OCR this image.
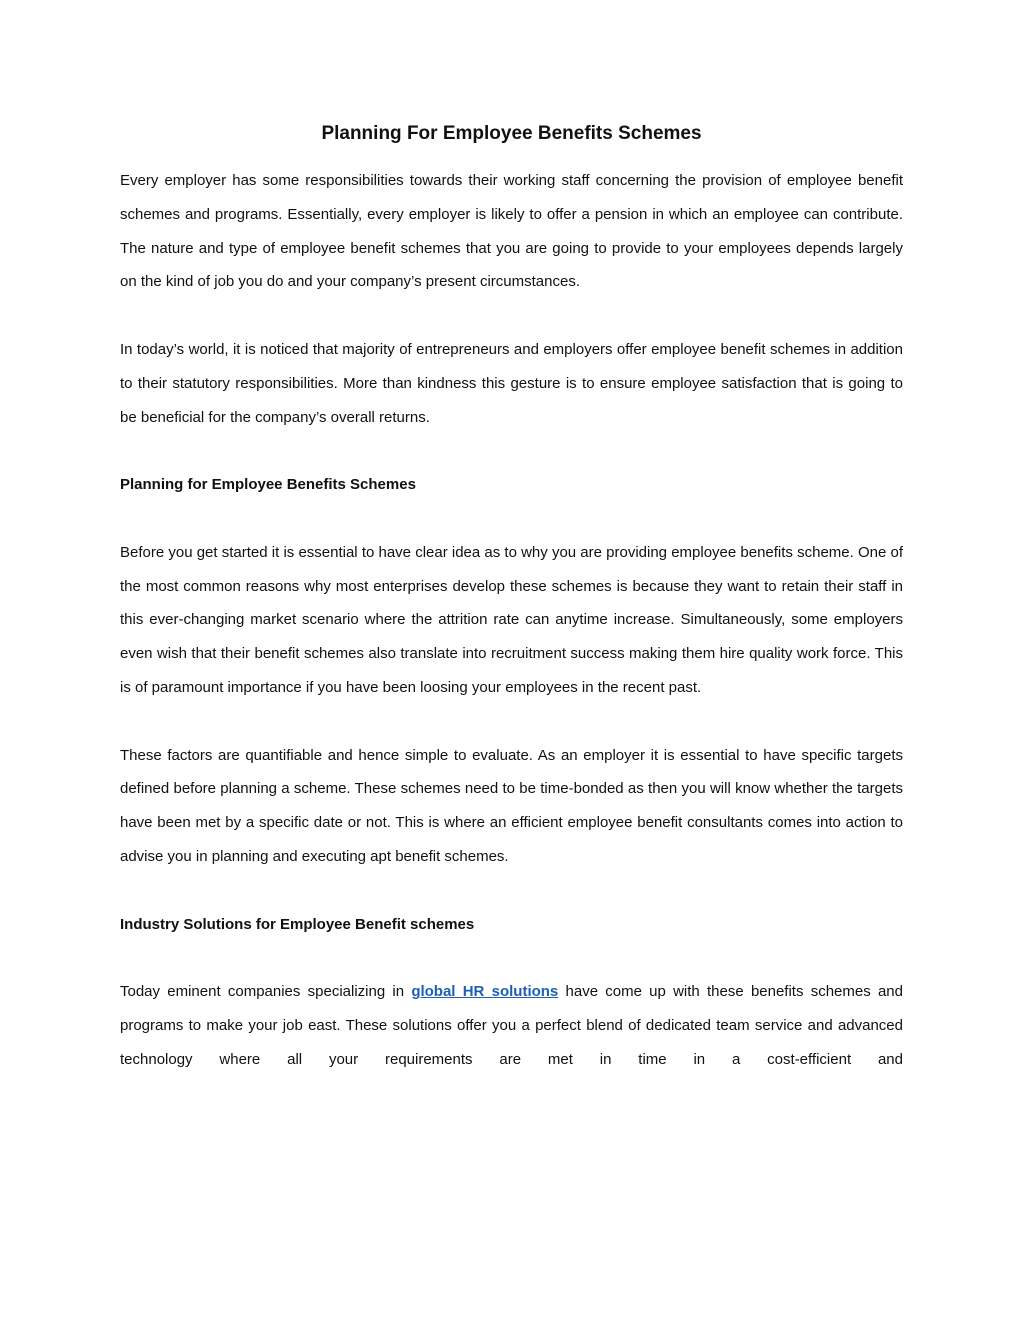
Planning For Employee Benefits Schemes

Every employer has some responsibilities towards their working staff concerning the provision of employee benefit schemes and programs. Essentially, every employer is likely to offer a pension in which an employee can contribute. The nature and type of employee benefit schemes that you are going to provide to your employees depends largely on the kind of job you do and your company’s present circumstances.

In today’s world, it is noticed that majority of entrepreneurs and employers offer employee benefit schemes in addition to their statutory responsibilities. More than kindness this gesture is to ensure employee satisfaction that is going to be beneficial for the company’s overall returns.

Planning for Employee Benefits Schemes

Before you get started it is essential to have clear idea as to why you are providing employee benefits scheme. One of the most common reasons why most enterprises develop these schemes is because they want to retain their staff in this ever-changing market scenario where the attrition rate can anytime increase. Simultaneously, some employers even wish that their benefit schemes also translate into recruitment success making them hire quality work force. This is of paramount importance if you have been loosing your employees in the recent past.

These factors are quantifiable and hence simple to evaluate. As an employer it is essential to have specific targets defined before planning a scheme. These schemes need to be time-bonded as then you will know whether the targets have been met by a specific date or not. This is where an efficient employee benefit consultants comes into action to advise you in planning and executing apt benefit schemes.

Industry Solutions for Employee Benefit schemes

Today eminent companies specializing in global HR solutions have come up with these benefits schemes and programs to make your job east. These solutions offer you a perfect blend of dedicated team service and advanced technology where all your requirements are met in time in a cost-efficient and
